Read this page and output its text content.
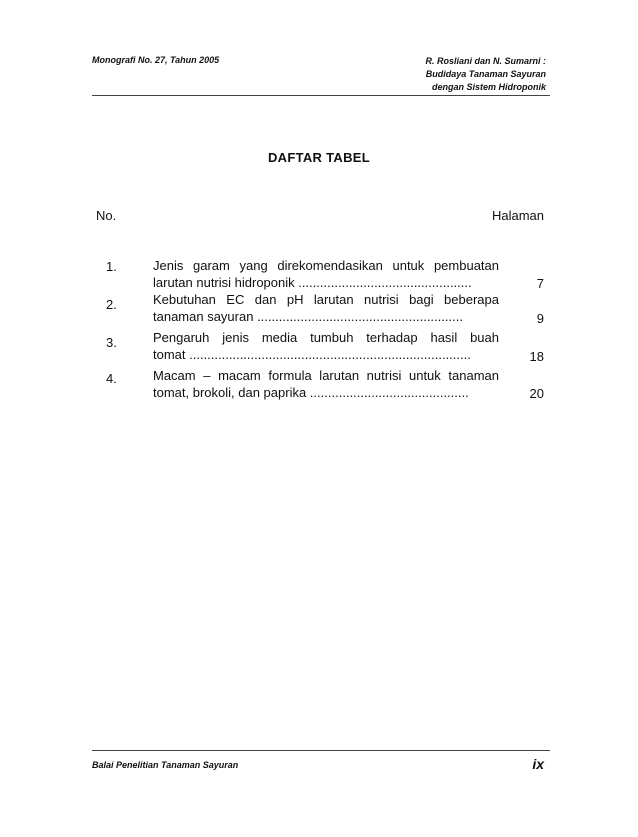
Monografi No. 27, Tahun 2005	R. Rosliani dan N. Sumarni :
Budidaya Tanaman Sayuran
dengan Sistem Hidroponik
DAFTAR TABEL
No.	Halaman
1.	Jenis garam yang direkomendasikan untuk pembuatan
larutan nutrisi hidroponik ................................................	7
2.	Kebutuhan EC dan pH larutan nutrisi bagi beberapa
tanaman sayuran .........................................................	9
3.	Pengaruh jenis media tumbuh terhadap hasil buah
tomat ..............................................................................	18
4.	Macam – macam formula larutan nutrisi untuk tanaman
tomat, brokoli, dan paprika ............................................	20
Balai Penelitian Tanaman Sayuran	ix
